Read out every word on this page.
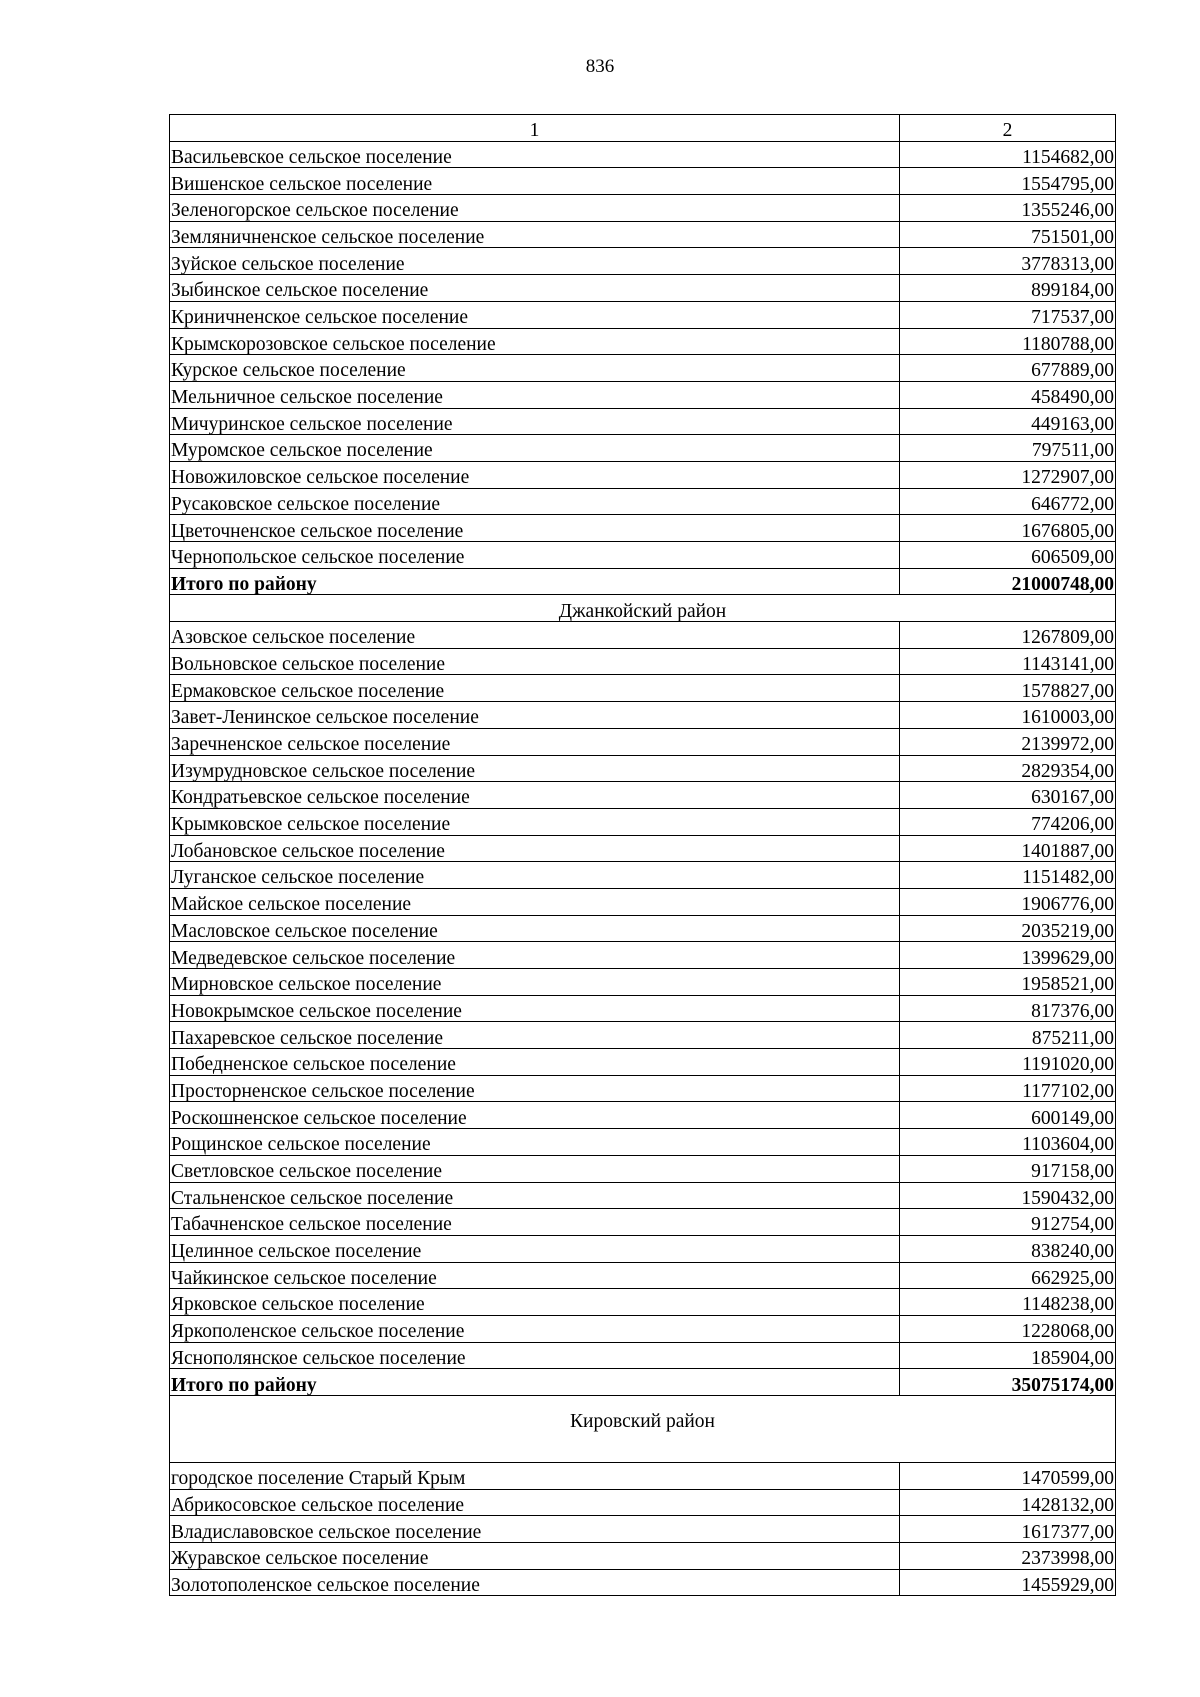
836
1	2
Васильевское сельское поселение	1154682,00
Вишенское сельское поселение	1554795,00
Зеленогорское сельское поселение	1355246,00
Земляничненское сельское поселение	751501,00
Зуйское сельское поселение	3778313,00
Зыбинское сельское поселение	899184,00
Криничненское сельское поселение	717537,00
Крымскорозовское сельское поселение	1180788,00
Курское сельское поселение	677889,00
Мельничное сельское поселение	458490,00
Мичуринское сельское поселение	449163,00
Муромское сельское поселение	797511,00
Новожиловское сельское поселение	1272907,00
Русаковское сельское поселение	646772,00
Цветочненское сельское поселение	1676805,00
Чернопольское сельское поселение	606509,00
Итого по району	21000748,00
Джанкойский район	
Азовское сельское поселение	1267809,00
Вольновское сельское поселение	1143141,00
Ермаковское сельское поселение	1578827,00
Завет-Ленинское сельское поселение	1610003,00
Заречненское сельское поселение	2139972,00
Изумрудновское сельское поселение	2829354,00
Кондратьевское сельское поселение	630167,00
Крымковское сельское поселение	774206,00
Лобановское сельское поселение	1401887,00
Луганское сельское поселение	1151482,00
Майское сельское поселение	1906776,00
Масловское сельское поселение	2035219,00
Медведевское сельское поселение	1399629,00
Мирновское сельское поселение	1958521,00
Новокрымское сельское поселение	817376,00
Пахаревское сельское поселение	875211,00
Победненское сельское поселение	1191020,00
Просторненское сельское поселение	1177102,00
Роскошненское сельское поселение	600149,00
Рощинское сельское поселение	1103604,00
Светловское сельское поселение	917158,00
Стальненское сельское поселение	1590432,00
Табачненское сельское поселение	912754,00
Целинное сельское поселение	838240,00
Чайкинское сельское поселение	662925,00
Ярковское сельское поселение	1148238,00
Яркополенское сельское поселение	1228068,00
Яснополянское сельское поселение	185904,00
Итого по району	35075174,00
Кировский район	
городское поселение Старый Крым	1470599,00
Абрикосовское сельское поселение	1428132,00
Владиславовское сельское поселение	1617377,00
Журавское сельское поселение	2373998,00
Золотополенское сельское поселение	1455929,00
